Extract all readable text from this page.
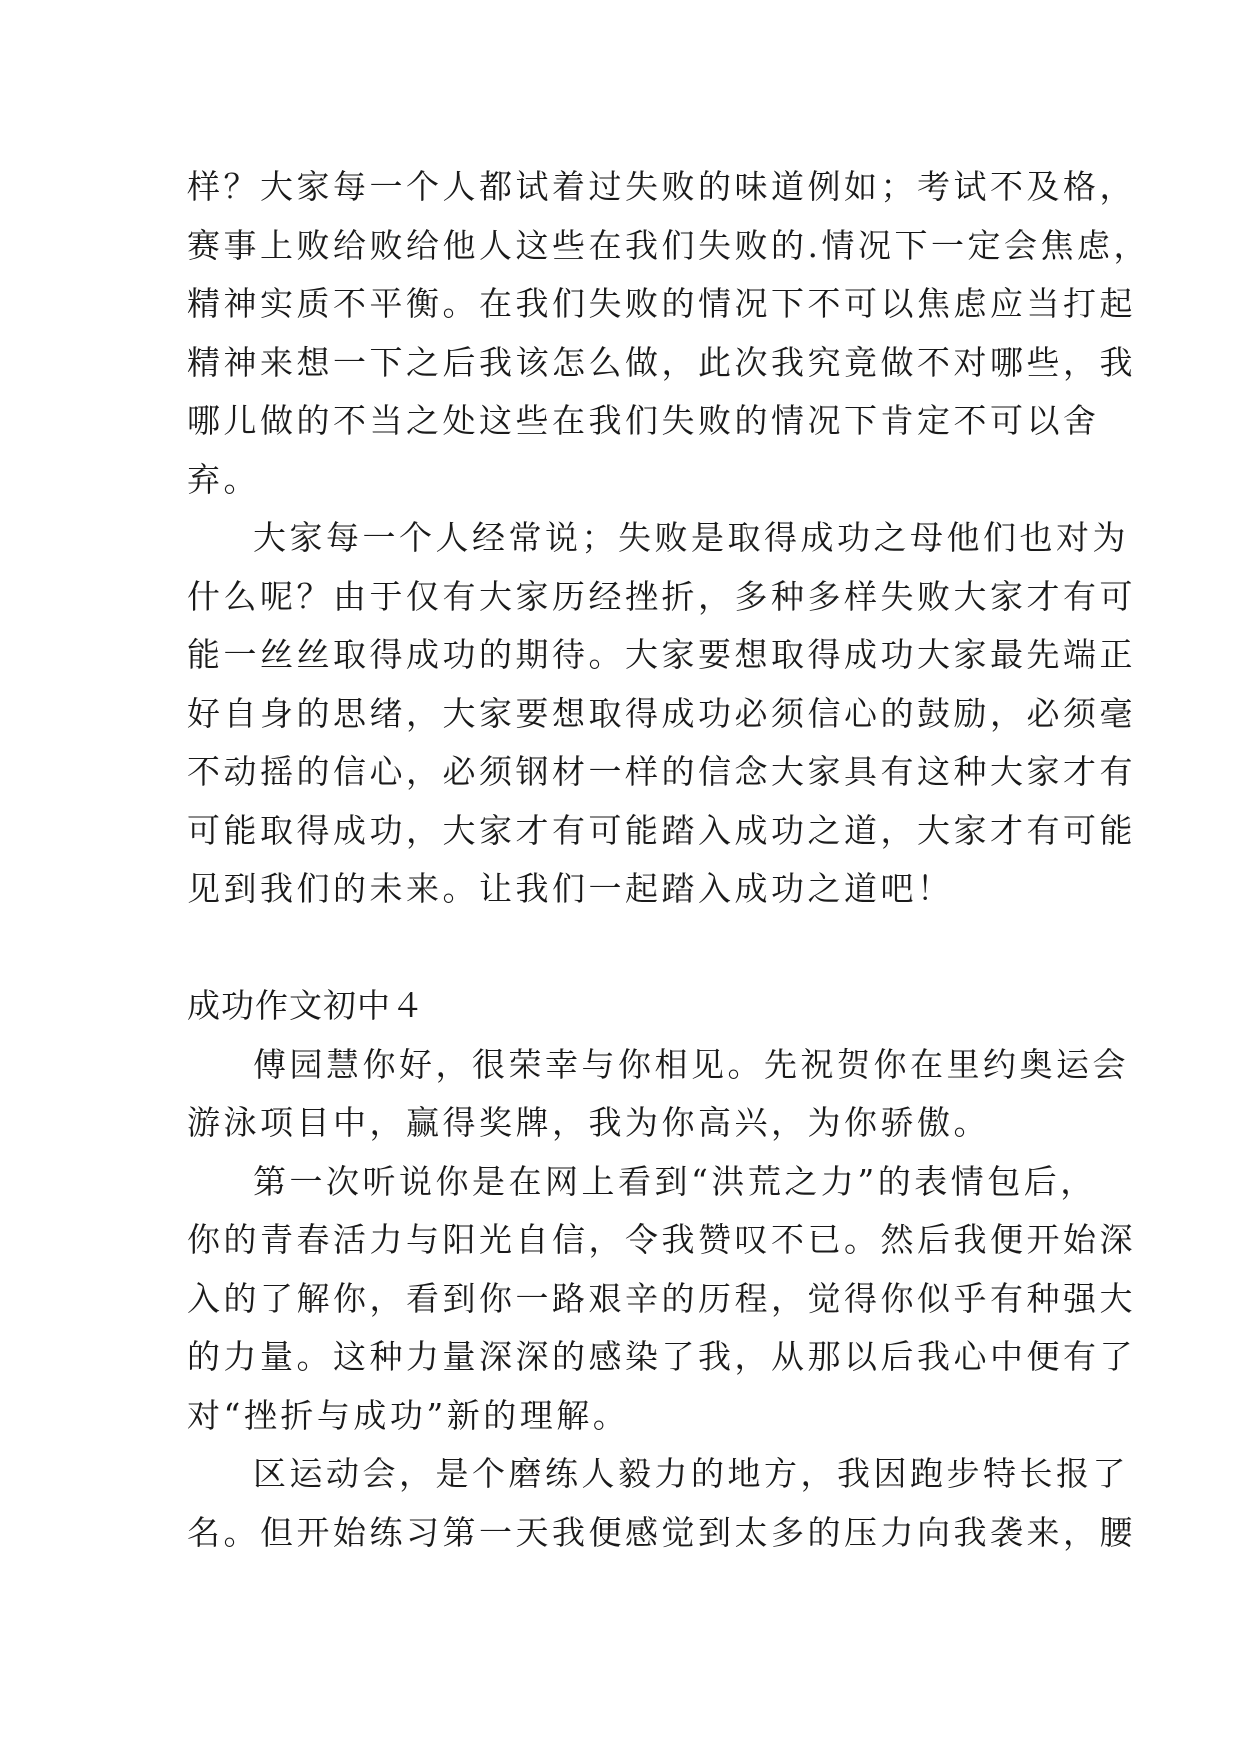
样？大家每一个人都试着过失败的味道例如；考试不及格，
赛事上败给败给他人这些在我们失败的.情况下一定会焦虑，
精神实质不平衡。在我们失败的情况下不可以焦虑应当打起
精神来想一下之后我该怎么做，此次我究竟做不对哪些，我
哪儿做的不当之处这些在我们失败的情况下肯定不可以舍
弃。
大家每一个人经常说；失败是取得成功之母他们也对为
什么呢？由于仅有大家历经挫折，多种多样失败大家才有可
能一丝丝取得成功的期待。大家要想取得成功大家最先端正
好自身的思绪，大家要想取得成功必须信心的鼓励，必须毫
不动摇的信心，必须钢材一样的信念大家具有这种大家才有
可能取得成功，大家才有可能踏入成功之道，大家才有可能
见到我们的未来。让我们一起踏入成功之道吧！
成功作文初中４
傅园慧你好，很荣幸与你相见。先祝贺你在里约奥运会
游泳项目中，赢得奖牌，我为你高兴，为你骄傲。
第一次听说你是在网上看到“洪荒之力”的表情包后，
你的青春活力与阳光自信，令我赞叹不已。然后我便开始深
入的了解你，看到你一路艰辛的历程，觉得你似乎有种强大
的力量。这种力量深深的感染了我，从那以后我心中便有了
对“挫折与成功”新的理解。
区运动会，是个磨练人毅力的地方，我因跑步特长报了
名。但开始练习第一天我便感觉到太多的压力向我袭来，腰
